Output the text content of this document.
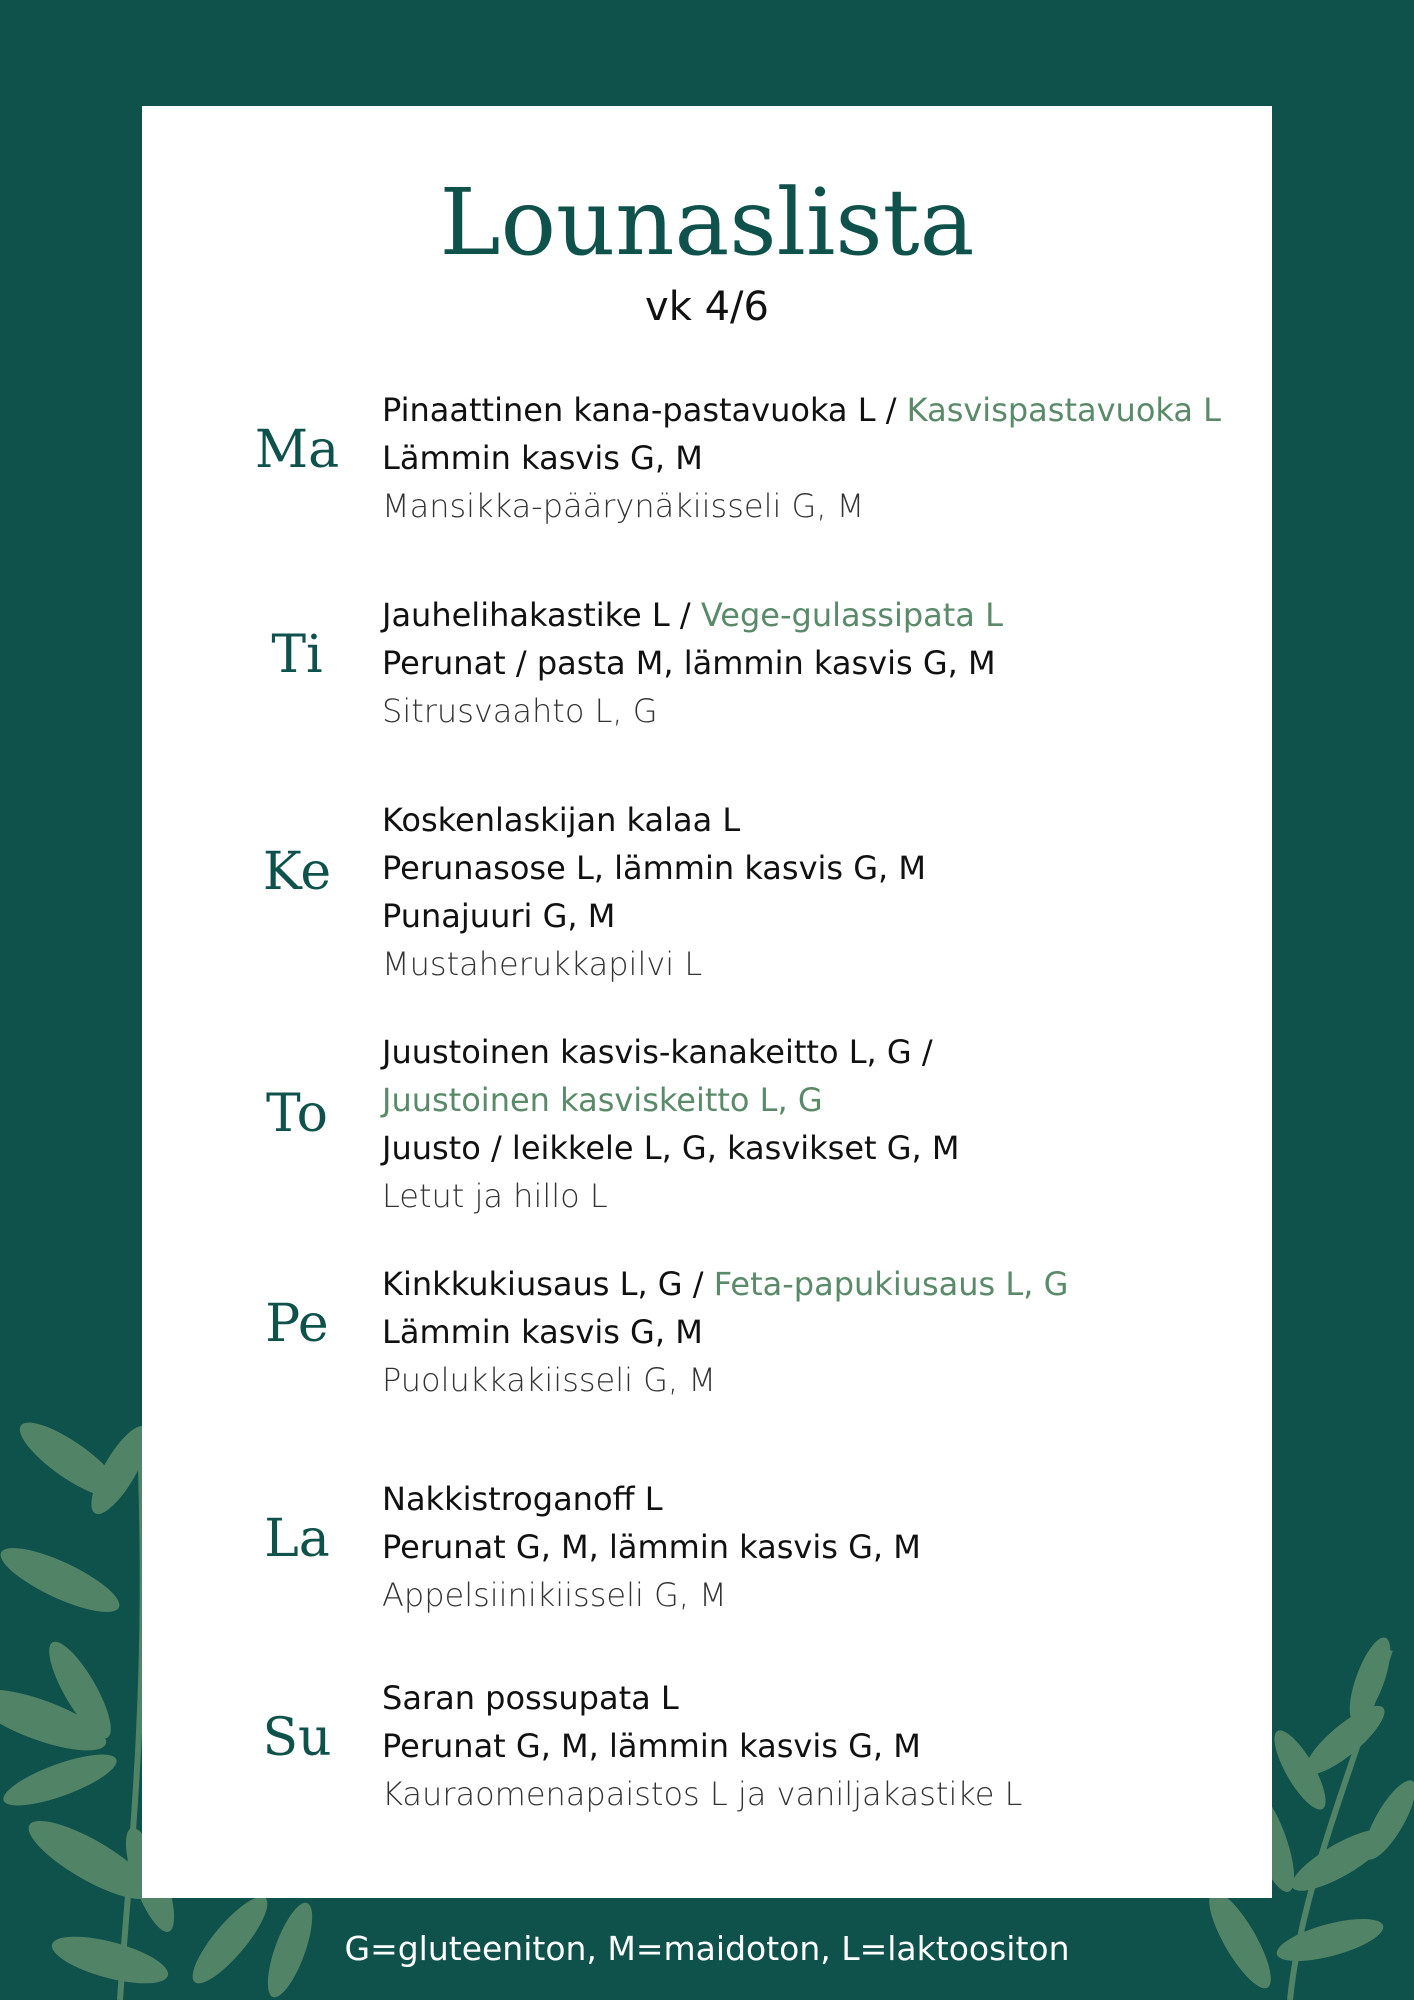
Lounaslista
vk 4/6
Ma
Pinaattinen kana-pastavuoka L / Kasvispastavuoka L
Lämmin kasvis G, M
Mansikka-päärynäkiisseli G, M
Ti
Jauhelihakastike L / Vege-gulassipata L
Perunat / pasta M, lämmin kasvis G, M
Sitrusvaahto L, G
Ke
Koskenlaskijan kalaa L
Perunasose L, lämmin kasvis G, M
Punajuuri G, M
Mustaherukkapilvi L
To
Juustoinen kasvis-kanakeitto L, G / Juustoinen kasviskeitto L, G
Juusto / leikkele L, G, kasvikset G, M
Letut ja hillo L
Pe
Kinkkukiusaus L, G / Feta-papukiusaus L, G
Lämmin kasvis G, M
Puolukkakiisseli G, M
La
Nakkistroganoff L
Perunat G, M, lämmin kasvis G, M
Appelsiinikiisseli G, M
Su
Saran possupata L
Perunat G, M, lämmin kasvis G, M
Kauraomenapaistos L ja vaniljakastike L
G=gluteeniton, M=maidoton, L=laktoositon
